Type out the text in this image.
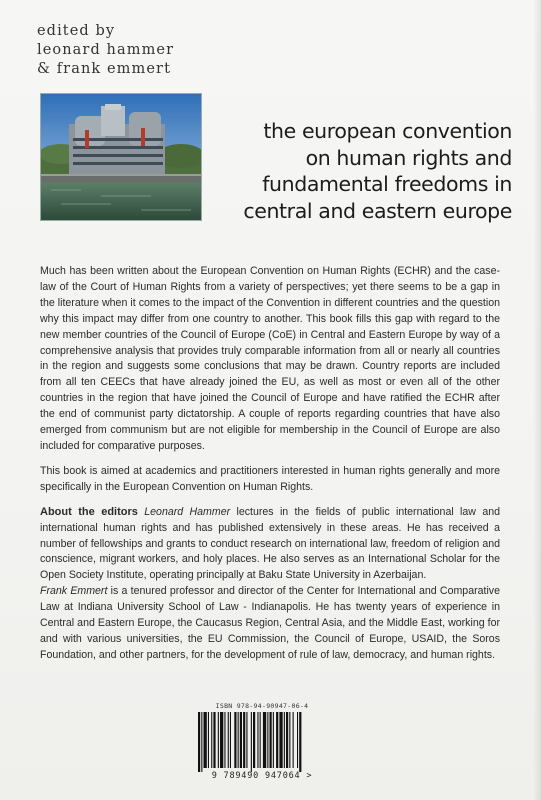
edited by
leonard hammer
& frank emmert
the european convention
on human rights and
fundamental freedoms in
central and eastern europe

Much has been written about the European Convention on Human Rights (ECHR) and the case-law of the Court of Human Rights from a variety of perspectives; yet there seems to be a gap in the literature when it comes to the impact of the Convention in different countries and the question why this impact may differ from one country to another. This book fills this gap with regard to the new member countries of the Council of Europe (CoE) in Central and Eastern Europe by way of a comprehensive analysis that provides truly comparable information from all or nearly all countries in the region and suggests some conclusions that may be drawn. Country reports are included from all ten CEECs that have already joined the EU, as well as most or even all of the other countries in the region that have joined the Council of Europe and have ratified the ECHR after the end of communist party dictatorship. A couple of reports regarding countries that have also emerged from communism but are not eligible for membership in the Council of Europe are also included for comparative purposes.

This book is aimed at academics and practitioners interested in human rights generally and more specifically in the European Convention on Human Rights.

About the editors Leonard Hammer lectures in the fields of public international law and international human rights and has published extensively in these areas. He has received a number of fellowships and grants to conduct research on international law, freedom of religion and conscience, migrant workers, and holy places. He also serves as an International Scholar for the Open Society Institute, operating principally at Baku State University in Azerbaijan.

Frank Emmert is a tenured professor and director of the Center for International and Comparative Law at Indiana University School of Law - Indianapolis. He has twenty years of experience in Central and Eastern Europe, the Caucasus Region, Central Asia, and the Middle East, working for and with various universities, the EU Commission, the Council of Europe, USAID, the Soros Foundation, and other partners, for the development of rule of law, democracy, and human rights.

ISBN 978-94-90947-06-4
9 789490 947064 >
